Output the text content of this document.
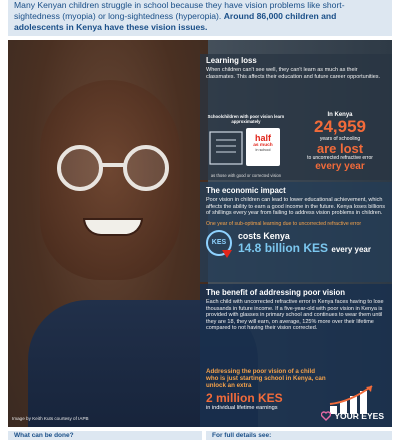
Many Kenyan children struggle in school because they have vision problems like short-sightedness (myopia) or long-sightedness (hyperopia). Around 86,000 children and adolescents in Kenya have these vision issues.
Image by Keith Kuts courtesy of IAPB
Learning loss

When children can't see well, they can't learn as much as their classmates. This affects their education and future career opportunities.

Schoolchildren with poor vision learn approximately
half
as much
in school
as those with good or corrected vision
In Kenya
24,959
years of schooling
are lost
to uncorrected refractive error
every year
The economic impact

Poor vision in children can lead to lower educational achievement, which affects the ability to earn a good income in the future. Kenya loses billions of shillings every year from failing to address vision problems in children.

One year of sub-optimal learning due to uncorrected refractive error
KES
costs Kenya
14.8 billion KES every year
The benefit of addressing poor vision

Each child with uncorrected refractive error in Kenya faces having to lose thousands in future income. If a five-year-old with poor vision in Kenya is provided with glasses in primary school and continues to wear them until they are 18, they will earn, on average, 125% more over their lifetime compared to not having their vision corrected.

Addressing the poor vision of a child who is just starting school in Kenya, can unlock an extra
2 million KES
in individual lifetime earnings
YOUR EYES
What can be done?	For full details see:
